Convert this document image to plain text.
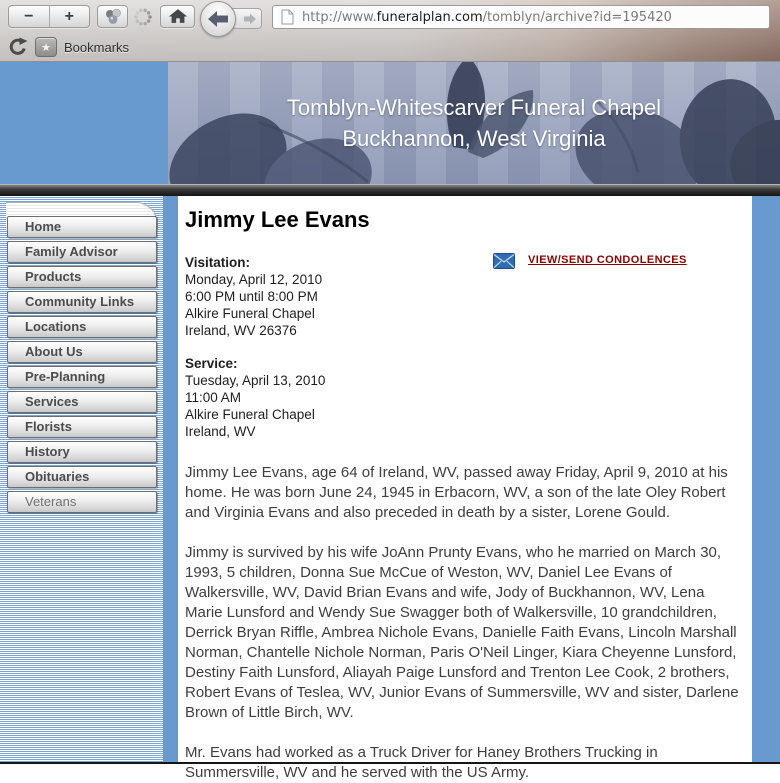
− +	http://www.funeralplan.com/tomblyn/archive?id=195420
★ Bookmarks
Tomblyn-Whitescarver Funeral Chapel
Buckhannon, West Virginia
Home
Family Advisor
Products
Community Links
Locations
About Us
Pre-Planning
Services
Florists
History
Obituaries
Veterans
Jimmy Lee Evans
Visitation:
Monday, April 12, 2010
6:00 PM until 8:00 PM
Alkire Funeral Chapel
Ireland, WV 26376
VIEW/SEND CONDOLENCES
Service:
Tuesday, April 13, 2010
11:00 AM
Alkire Funeral Chapel
Ireland, WV

Jimmy Lee Evans, age 64 of Ireland, WV, passed away Friday, April 9, 2010 at his home. He was born June 24, 1945 in Erbacorn, WV, a son of the late Oley Robert and Virginia Evans and also preceded in death by a sister, Lorene Gould.

Jimmy is survived by his wife JoAnn Prunty Evans, who he married on March 30, 1993, 5 children, Donna Sue McCue of Weston, WV, Daniel Lee Evans of Walkersville, WV, David Brian Evans and wife, Jody of Buckhannon, WV, Lena Marie Lunsford and Wendy Sue Swagger both of Walkersville, 10 grandchildren, Derrick Bryan Riffle, Ambrea Nichole Evans, Danielle Faith Evans, Lincoln Marshall Norman, Chantelle Nichole Norman, Paris O'Neil Linger, Kiara Cheyenne Lunsford, Destiny Faith Lunsford, Aliayah Paige Lunsford and Trenton Lee Cook, 2 brothers, Robert Evans of Teslea, WV, Junior Evans of Summersville, WV and sister, Darlene Brown of Little Birch, WV.

Mr. Evans had worked as a Truck Driver for Haney Brothers Trucking in Summersville, WV and he served with the US Army.
